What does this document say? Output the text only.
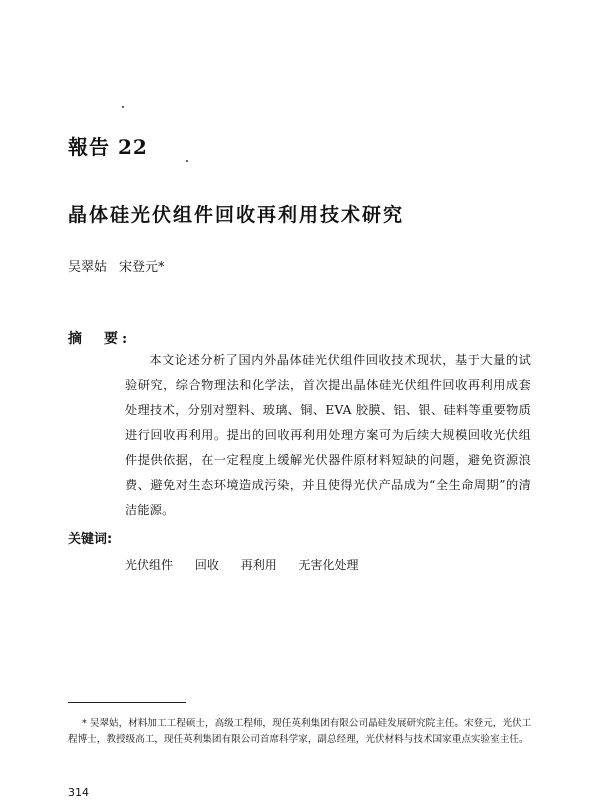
報告 22
晶体硅光伏组件回收再利用技术研究
吴翠姑 宋登元*
摘　要:
本文论述分析了国内外晶体硅光伏组件回收技术现状，基于大量的试验研究，综合物理法和化学法，首次提出晶体硅光伏组件回收再利用成套处理技术，分别对塑料、玻璃、铜、EVA 胶膜、铝、银、硅料等重要物质进行回收再利用。提出的回收再利用处理方案可为后续大规模回收光伏组件提供依据，在一定程度上缓解光伏器件原材料短缺的问题，避免资源浪费、避免对生态环境造成污染，并且使得光伏产品成为“全生命周期”的清洁能源。
关键词:
光伏组件 回收 再利用 无害化处理
* 吴翠姑，材料加工工程硕士，高级工程师，现任英利集团有限公司晶硅发展研究院主任。宋登元，光伏工程博士，教授级高工，现任英利集团有限公司首席科学家，副总经理，光伏材料与技术国家重点实验室主任。
314
